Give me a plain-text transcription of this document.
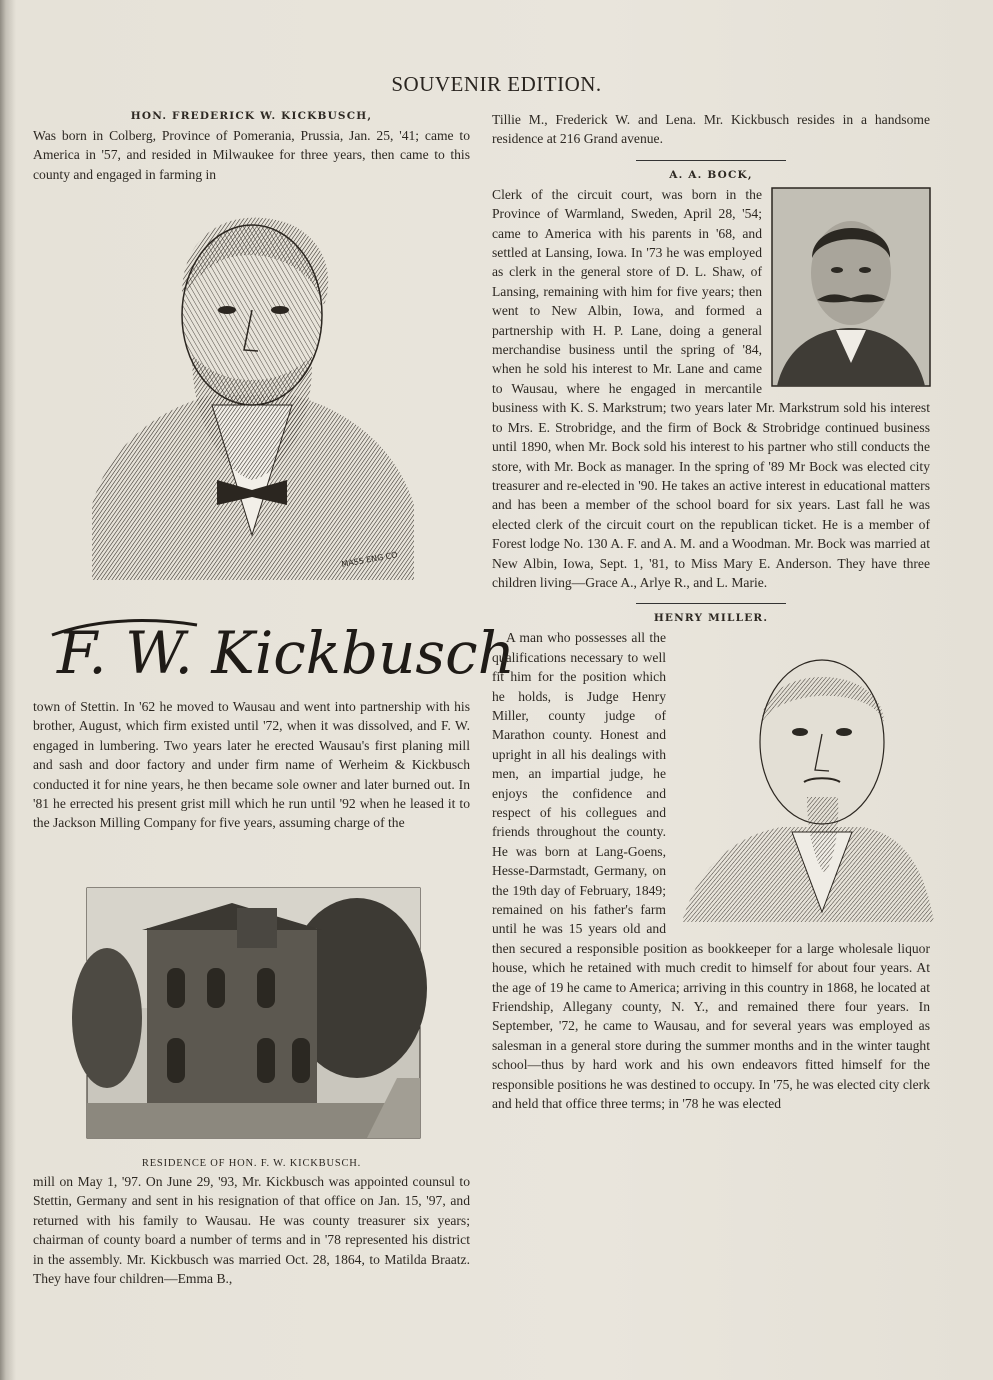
SOUVENIR EDITION.
HON. FREDERICK W. KICKBUSCH,

Was born in Colberg, Province of Pomerania, Prussia, Jan. 25, '41; came to America in '57, and resided in Milwaukee for three years, then came to this county and engaged in farming in

MASS ENG CO
F. W. Kickbusch

town of Stettin. In '62 he moved to Wausau and went into partnership with his brother, August, which firm existed until '72, when it was dissolved, and F. W. engaged in lumbering. Two years later he erected Wausau's first planing mill and sash and door factory and under firm name of Werheim & Kickbusch conducted it for nine years, he then became sole owner and later burned out. In '81 he errected his present grist mill which he run until '92 when he leased it to the Jackson Milling Company for five years, assuming charge of the

RESIDENCE OF HON. F. W. KICKBUSCH.

mill on May 1, '97. On June 29, '93, Mr. Kickbusch was appointed counsul to Stettin, Germany and sent in his resignation of that office on Jan. 15, '97, and returned with his family to Wausau. He was county treasurer six years; chairman of county board a number of terms and in '78 represented his district in the assembly. Mr. Kickbusch was married Oct. 28, 1864, to Matilda Braatz. They have four children—Emma B.,

Tillie M., Frederick W. and Lena. Mr. Kickbusch resides in a handsome residence at 216 Grand avenue.

A. A. BOCK,

Clerk of the circuit court, was born in the Province of Warmland, Sweden, April 28, '54; came to America with his parents in '68, and settled at Lansing, Iowa. In '73 he was employed as clerk in the general store of D. L. Shaw, of Lansing, remaining with him for five years; then went to New Albin, Iowa, and formed a partnership with H. P. Lane, doing a general merchandise business until the spring of '84, when he sold his interest to Mr. Lane and came to Wausau, where he engaged in mercantile business with K. S. Markstrum; two years later Mr. Markstrum sold his interest to Mrs. E. Strobridge, and the firm of Bock & Strobridge continued business until 1890, when Mr. Bock sold his interest to his partner who still conducts the store, with Mr. Bock as manager. In the spring of '89 Mr Bock was elected city treasurer and re-elected in '90. He takes an active interest in educational matters and has been a member of the school board for six years. Last fall he was elected clerk of the circuit court on the republican ticket. He is a member of Forest lodge No. 130 A. F. and A. M. and a Woodman. Mr. Bock was married at New Albin, Iowa, Sept. 1, '81, to Miss Mary E. Anderson. They have three children living—Grace A., Arlye R., and L. Marie.

HENRY MILLER.

A man who possesses all the qualifications necessary to well fit him for the position which he holds, is Judge Henry Miller, county judge of Marathon county. Honest and upright in all his dealings with men, an impartial judge, he enjoys the confidence and respect of his collegues and friends throughout the county. He was born at Lang-Goens, Hesse-Darmstadt, Germany, on the 19th day of February, 1849; remained on his father's farm until he was 15 years old and then secured a responsible position as bookkeeper for a large wholesale liquor house, which he retained with much credit to himself for about four years. At the age of 19 he came to America; arriving in this country in 1868, he located at Friendship, Allegany county, N. Y., and remained there four years. In September, '72, he came to Wausau, and for several years was employed as salesman in a general store during the summer months and in the winter taught school—thus by hard work and his own endeavors fitted himself for the responsible positions he was destined to occupy. In '75, he was elected city clerk and held that office three terms; in '78 he was elected
